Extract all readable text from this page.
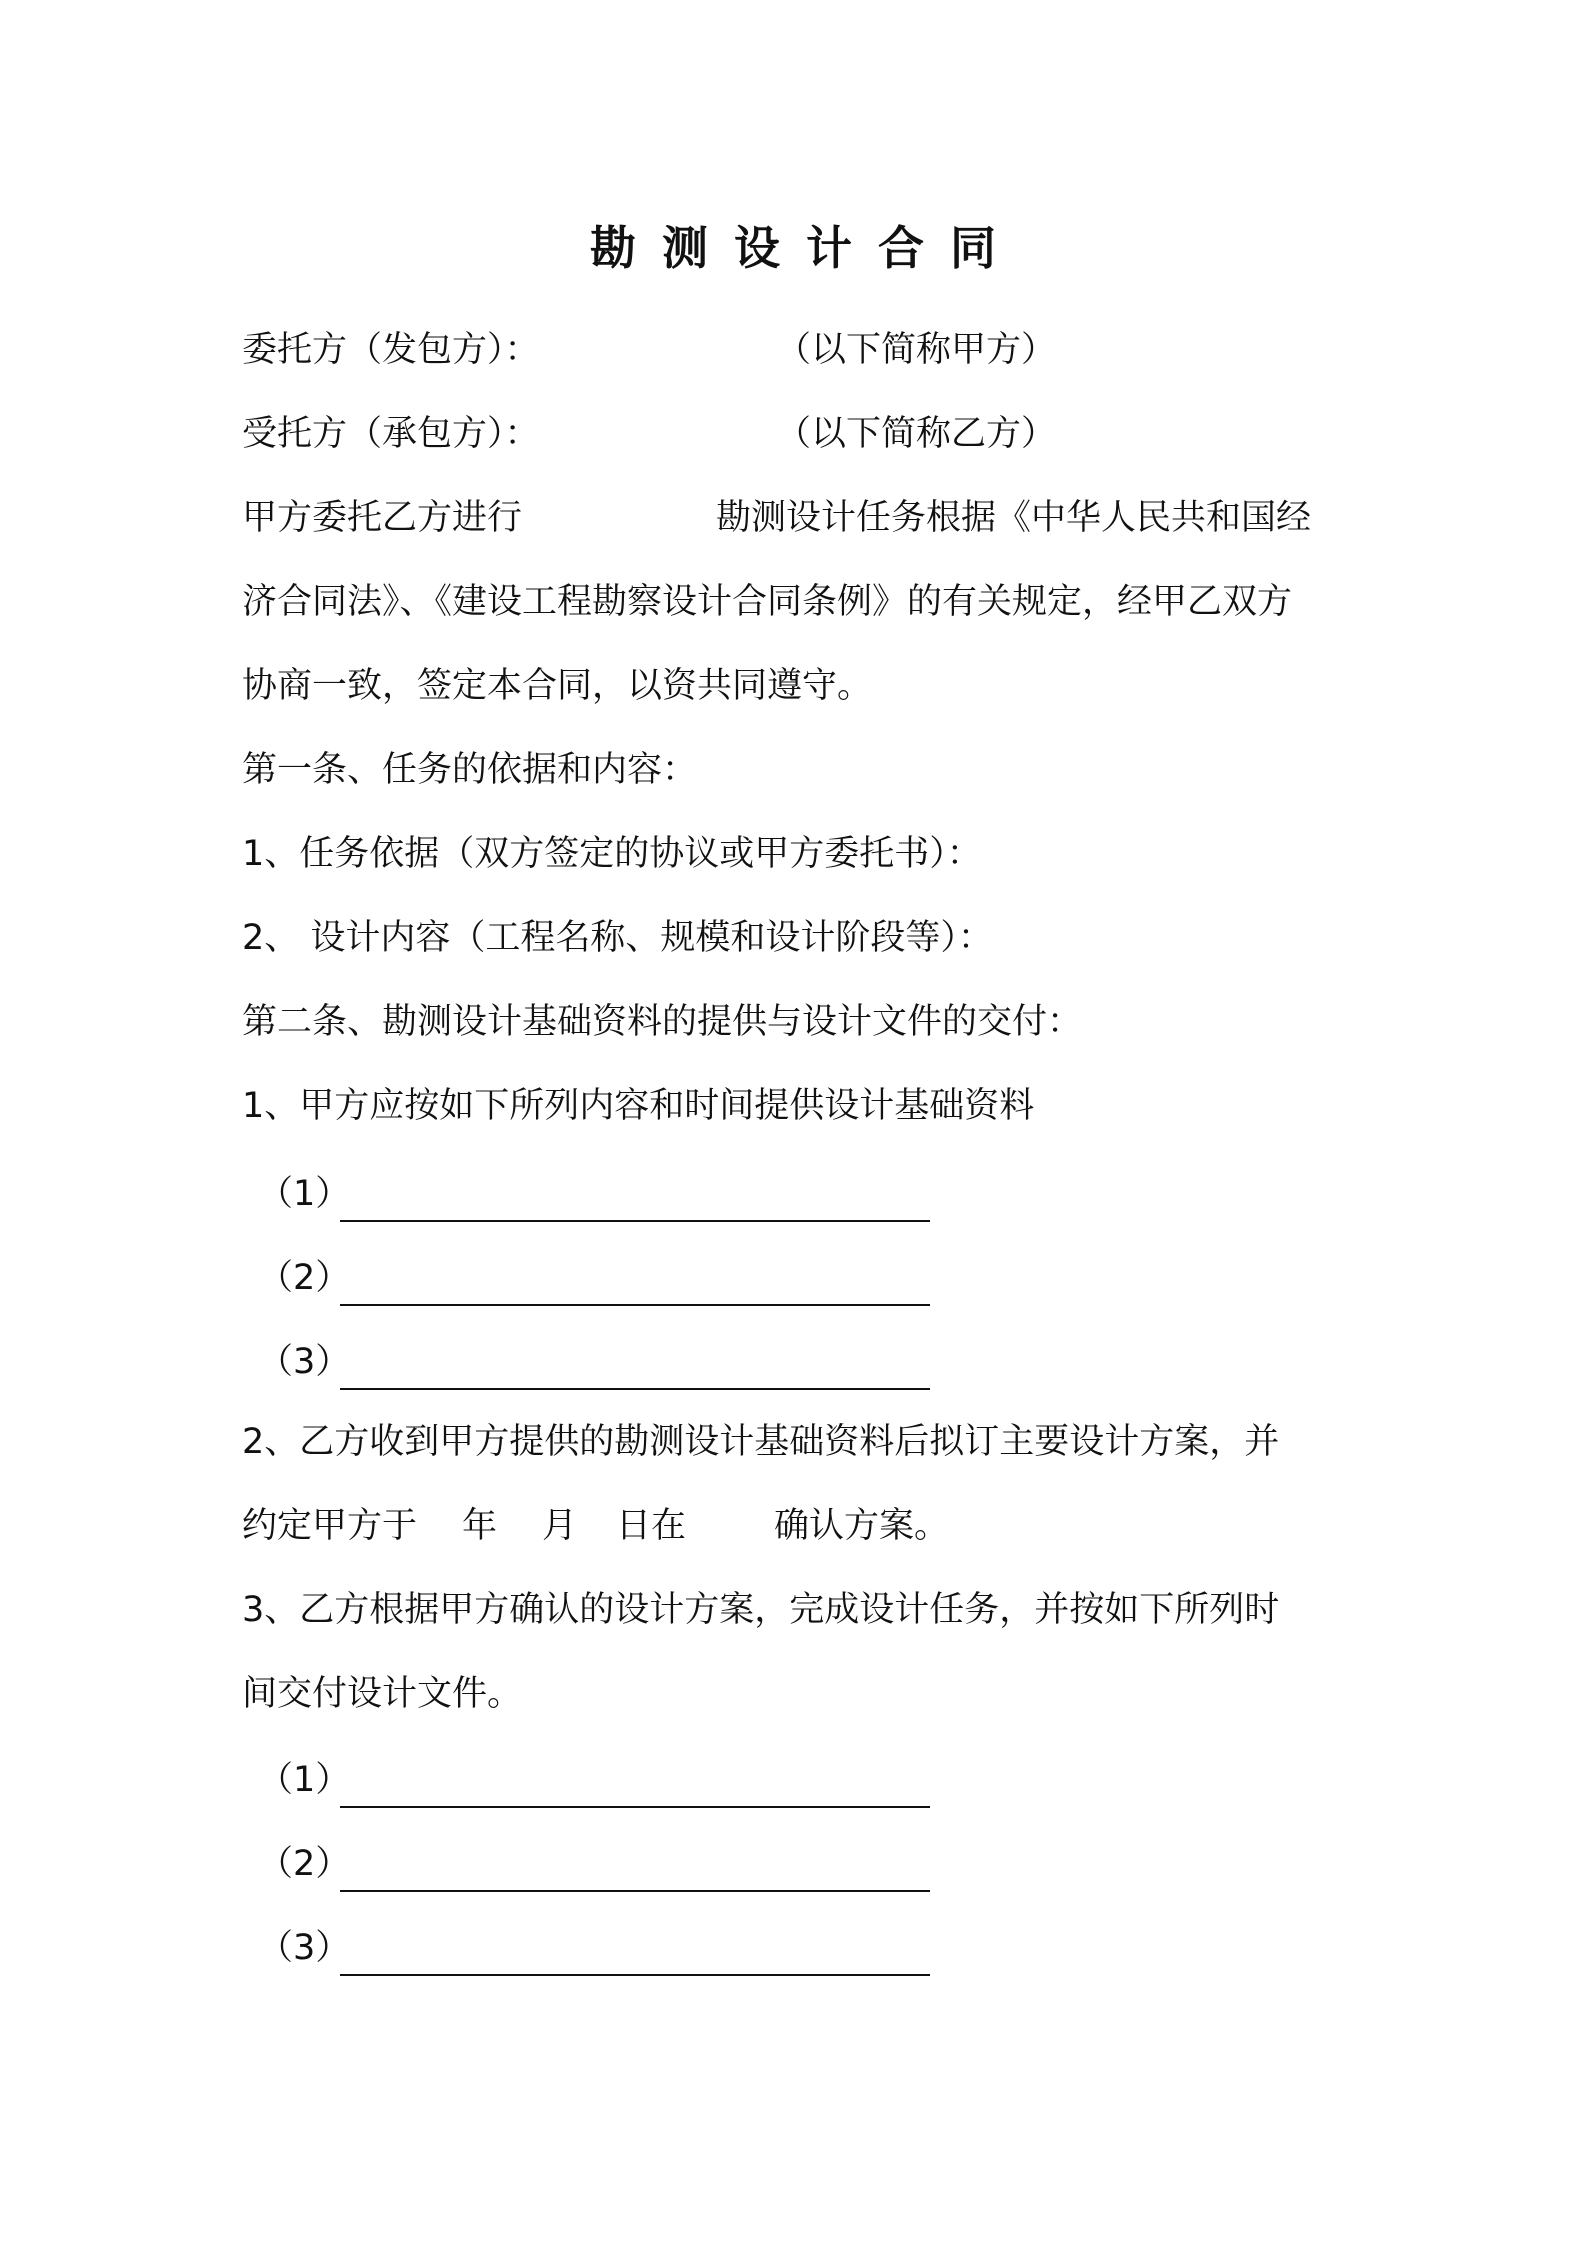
勘测设计合同
委托方（发包方）：	（以下简称甲方）
受托方（承包方）：	（以下简称乙方）
甲方委托乙方进行	勘测设计任务根据《中华人民共和国经
济合同法》、《建设工程勘察设计合同条例》的有关规定，经甲乙双方
协商一致，签定本合同，以资共同遵守。
第一条、任务的依据和内容：
1、任务依据（双方签定的协议或甲方委托书）：
2、 设计内容（工程名称、规模和设计阶段等）：
第二条、勘测设计基础资料的提供与设计文件的交付：
1、甲方应按如下所列内容和时间提供设计基础资料
（1）
（2）
（3）
2、乙方收到甲方提供的勘测设计基础资料后拟订主要设计方案，并
约定甲方于 年 月 日在	确认方案。
3、乙方根据甲方确认的设计方案，完成设计任务，并按如下所列时
间交付设计文件。
（1）
（2）
（3）
